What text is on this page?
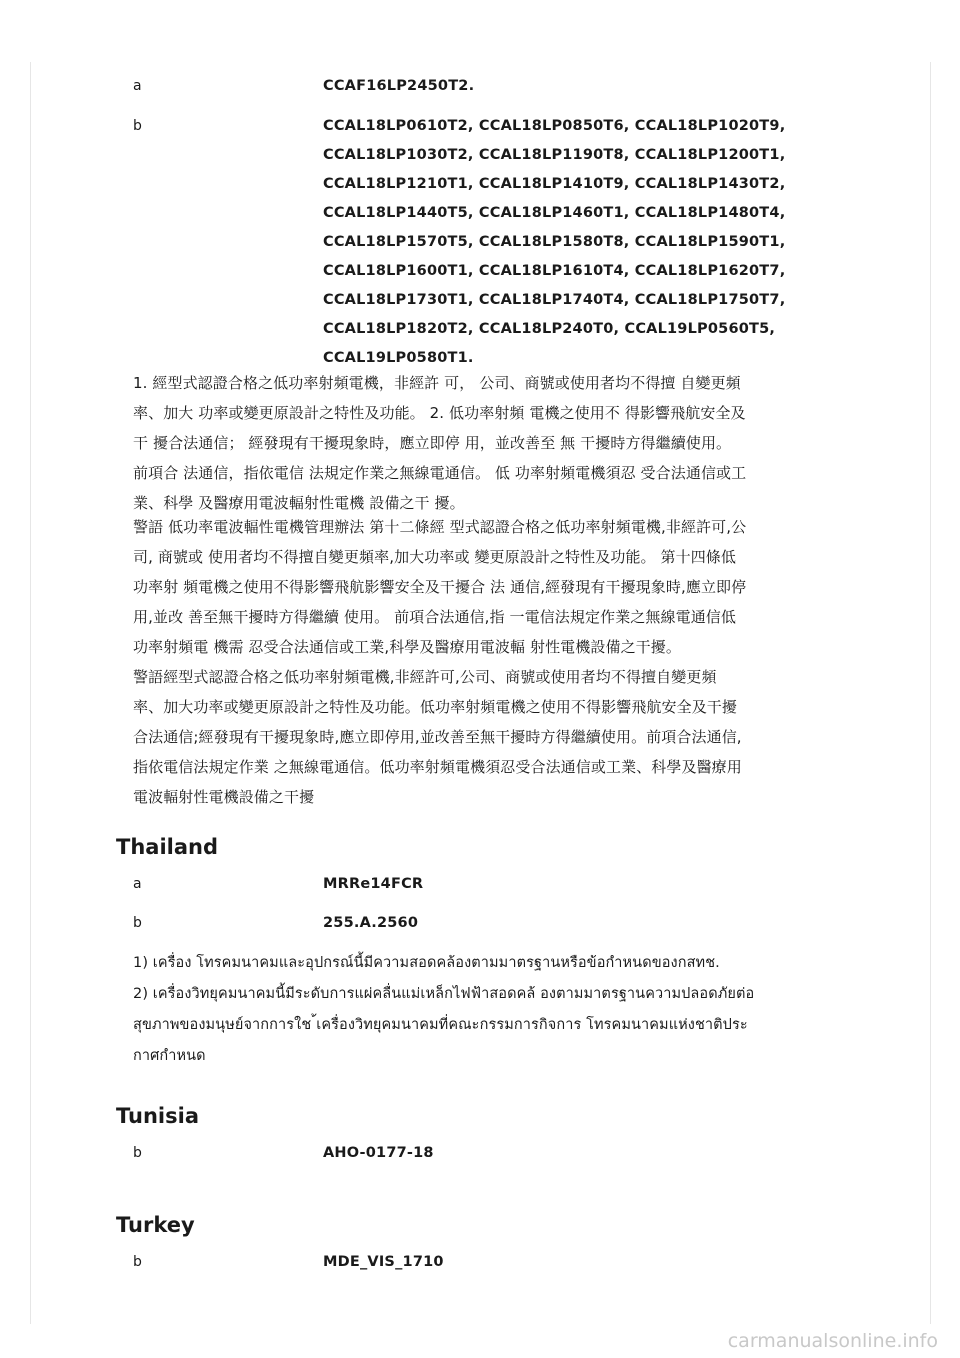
a	CCAF16LP2450T2.
b	CCAL18LP0610T2, CCAL18LP0850T6, CCAL18LP1020T9,
CCAL18LP1030T2, CCAL18LP1190T8, CCAL18LP1200T1,
CCAL18LP1210T1, CCAL18LP1410T9, CCAL18LP1430T2,
CCAL18LP1440T5, CCAL18LP1460T1, CCAL18LP1480T4,
CCAL18LP1570T5, CCAL18LP1580T8, CCAL18LP1590T1,
CCAL18LP1600T1, CCAL18LP1610T4, CCAL18LP1620T7,
CCAL18LP1730T1, CCAL18LP1740T4, CCAL18LP1750T7,
CCAL18LP1820T2, CCAL18LP240T0, CCAL19LP0560T5,
CCAL19LP0580T1.
1. 經型式認證合格之低功率射頻電機，非經許 可， 公司、商號或使用者均不得擅 自變更頻
率、加大 功率或變更原設計之特性及功能。 2. 低功率射頻 電機之使用不 得影響飛航安全及
干 擾合法通信； 經發現有干擾現象時，應立即停 用，並改善至 無 干擾時方得繼續使用。
前項合 法通信，指依電信 法規定作業之無線電通信。 低 功率射頻電機須忍 受合法通信或工
業、科學 及醫療用電波輻射性電機 設備之干 擾。
警語 低功率電波輻性電機管理辦法 第十二條經 型式認證合格之低功率射頻電機,非經許可,公
司, 商號或 使用者均不得擅自變更頻率,加大功率或 變更原設計之特性及功能。 第十四條低
功率射 頻電機之使用不得影響飛航影響安全及干擾合 法 通信,經發現有干擾現象時,應立即停
用,並改 善至無干擾時方得繼續 使用。 前項合法通信,指 一電信法規定作業之無線電通信低
功率射頻電 機需 忍受合法通信或工業,科學及醫療用電波輻 射性電機設備之干擾。
警語經型式認證合格之低功率射頻電機,非經許可,公司、商號或使用者均不得擅自變更頻
率、加大功率或變更原設計之特性及功能。低功率射頻電機之使用不得影響飛航安全及干擾
合法通信;經發現有干擾現象時,應立即停用,並改善至無干擾時方得繼續使用。前項合法通信,
指依電信法規定作業 之無線電通信。低功率射頻電機須忍受合法通信或工業、科學及醫療用
電波輻射性電機設備之干擾
Thailand
a	MRRe14FCR
b	255.A.2560
1) เครื่อง โทรคมนาคมและอุปกรณ์นี้มีความสอดคล้องตามมาตรฐานหรือข้อกำหนดของกสทช.
2) เครื่องวิทยุคมนาคมนี้มีระดับการแผ่คลื่นแม่เหล็กไฟฟ้าสอดคล้ องตามมาตรฐานความปลอดภัยต่อ
สุขภาพของมนุษย์จากการใช ้เครื่องวิทยุคมนาคมที่คณะกรรมการกิจการ โทรคมนาคมแห่งชาติประ
กาศกำหนด
Tunisia
b	AHO-0177-18
Turkey
b	MDE_VIS_1710
carmanualsonline.info
